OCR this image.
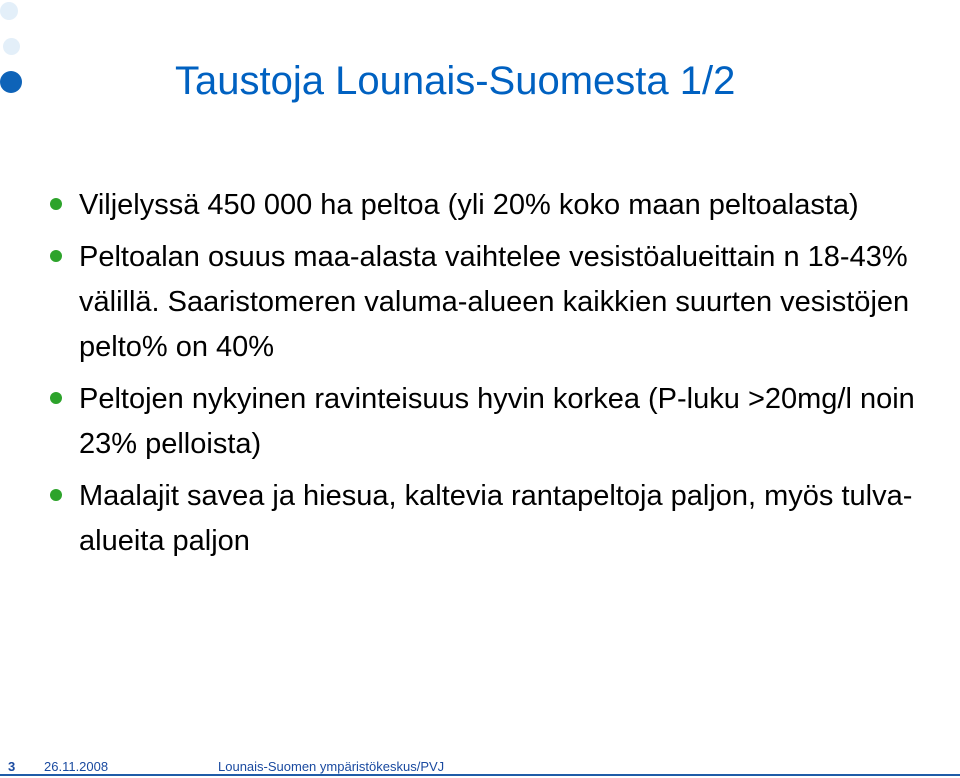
Taustoja Lounais-Suomesta 1/2
Viljelyssä 450 000 ha peltoa (yli 20% koko maan peltoalasta)
Peltoalan osuus maa-alasta vaihtelee vesistöalueittain n 18-43% välillä. Saaristomeren valuma-alueen kaikkien suurten vesistöjen pelto% on 40%
Peltojen nykyinen ravinteisuus hyvin korkea (P-luku >20mg/l noin 23% pelloista)
Maalajit savea ja hiesua, kaltevia rantapeltoja paljon, myös tulva-alueita paljon
3 26.11.2008	Lounais-Suomen ympäristökeskus/PVJ
